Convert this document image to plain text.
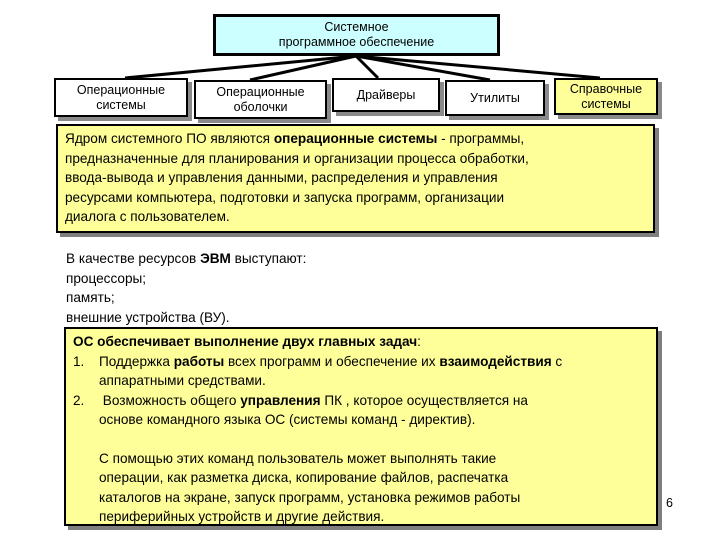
Системное
программное обеспечение
Операционные
системы
Операционные
оболочки
Драйверы	Утилиты
Справочные
системы
Ядром системного ПО являются операционные системы - программы,
предназначенные для планирования и организации процесса обработки,
ввода-вывода и управления данными, распределения и управления
ресурсами компьютера, подготовки и запуска программ, организации
диалога с пользователем.
В качестве ресурсов ЭВМ выступают:
процессоры;
память;
внешние устройства (ВУ).
ОС обеспечивает выполнение двух главных задач:
1. Поддержка работы всех программ и обеспечение их взаимодействия с
аппаратными средствами.
2. Возможность общего управления ПК , которое осуществляется на
основе командного языка ОС (системы команд - директив).
С помощью этих команд пользователь может выполнять такие
операции, как разметка диска, копирование файлов, распечатка
каталогов на экране, запуск программ, установка режимов работы
периферийных устройств и другие действия.
6
